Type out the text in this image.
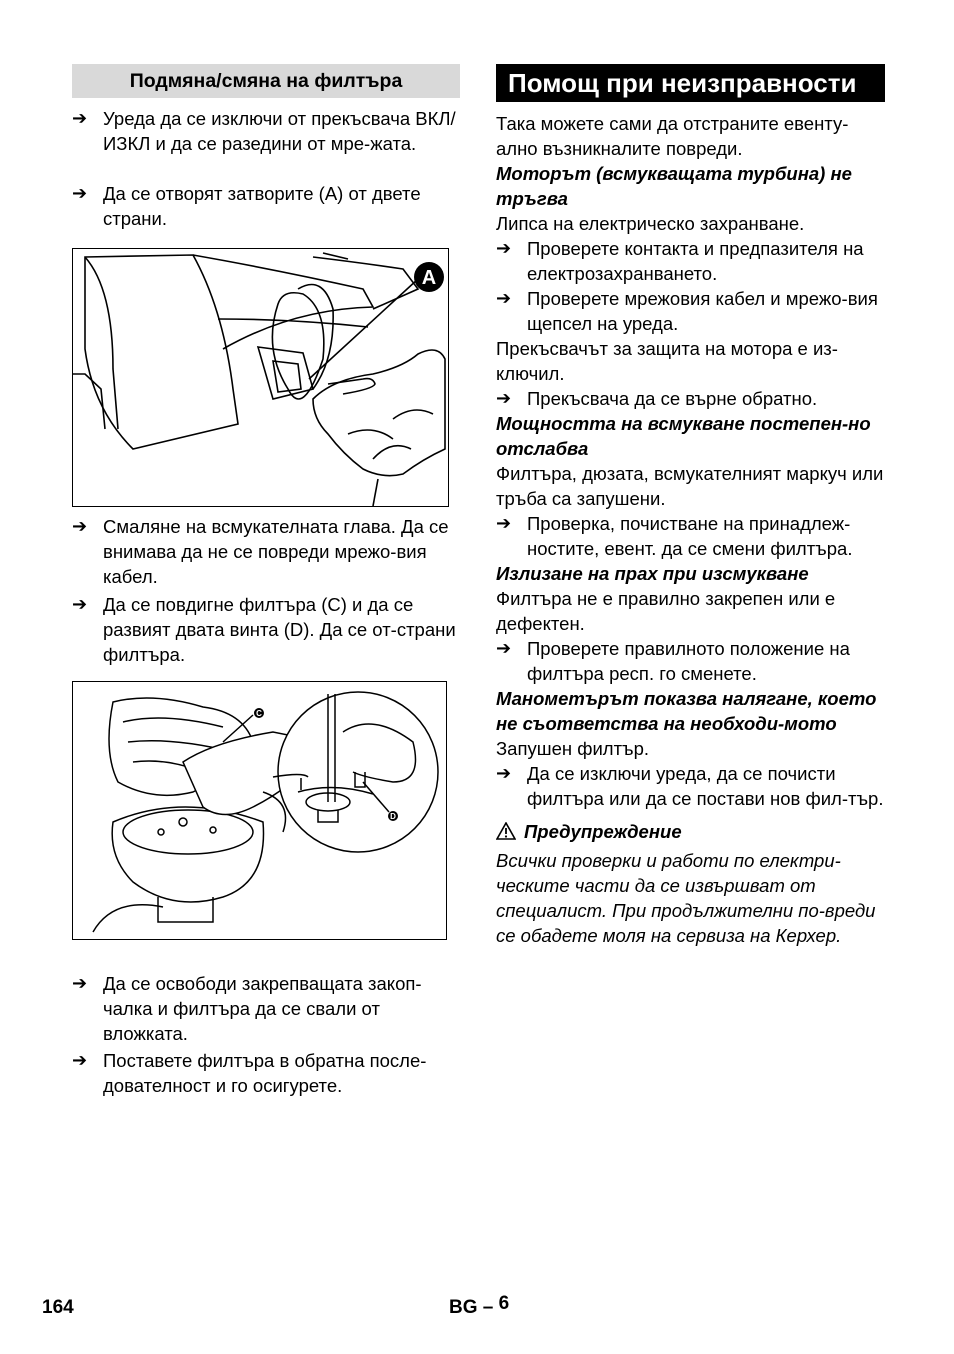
Подмяна/смяна на филтъра
➔ Уреда да се изключи от прекъсвача ВКЛ/ИЗКЛ и да се разедини от мре-жата.
➔ Да се отворят затворите (A) от двете страни.
A
➔ Смаляне на всмукателната глава. Да се внимава да не се повреди мрежо-вия кабел.
➔ Да се повдигне филтъра (C) и да се развият двата винта (D). Да се от-страни филтъра.
C
D
➔ Да се освободи закрепващата закоп-чалка и филтъра да се свали от вложката.
➔ Поставете филтъра в обратна после-дователност и го осигурете.
Помощ при неизправности

Така можете сами да отстраните евенту-ално възникналите повреди.

Моторът (всмукващата турбина) не тръгва

Липса на електрическо захранване.

➔ Проверете контакта и предпазителя на електрозахранването.
➔ Проверете мрежовия кабел и мрежо-вия щепсел на уреда.

Прекъсвачът за защита на мотора е из-ключил.

➔ Прекъсвача да се върне обратно.
Мощността на всмукване постепен-но отслабва

Филтъра, дюзата, всмукателният маркуч или тръба са запушени.

➔ Проверка, почистване на принадлеж-ностите, евент. да се смени филтъра.
Излизане на прах при изсмукване

Филтъра не е правилно закрепен или е дефектен.

➔ Проверете правилното положение на филтъра респ. го сменете.
Манометърът показва налягане, което не съответства на необходи-мото

Запушен филтър.

➔ Да се изключи уреда, да се почисти филтъра или да се постави нов фил-тър.
Предупреждение

Всички проверки и работи по електри-ческите части да се извършват от специалист. При продължителни по-вреди се обадете моля на сервиза на Керхер.

164	BG – 6
